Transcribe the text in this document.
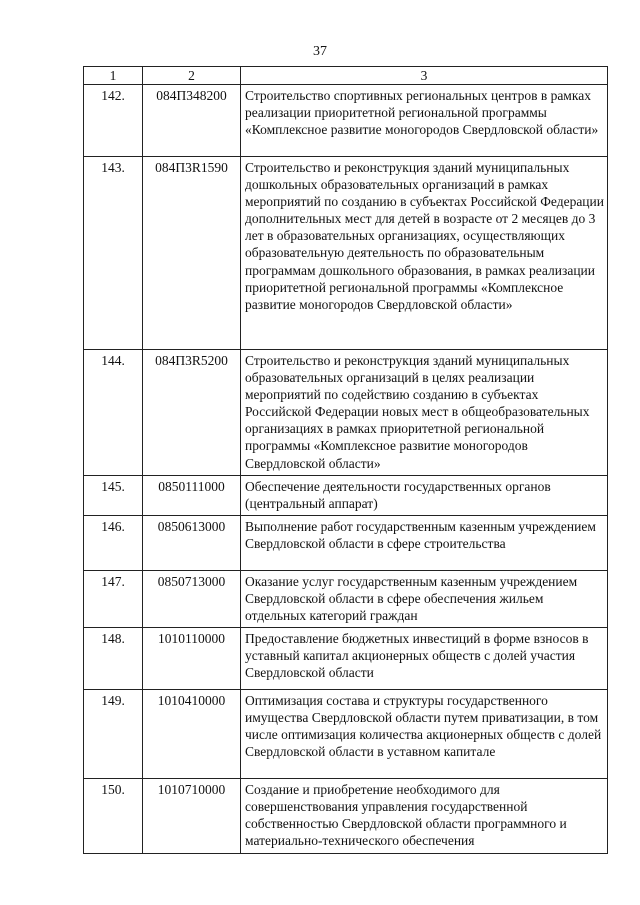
37
1	2	3
142.	084П348200	Строительство спортивных региональных центров в рамках реализации приоритетной региональной программы «Комплексное развитие моногородов Свердловской области»
143.	084П3R1590	Строительство и реконструкция зданий муниципальных дошкольных образовательных организаций в рамках мероприятий по созданию в субъектах Российской Федерации дополнительных мест для детей в возрасте от 2 месяцев до 3 лет в образовательных организациях, осуществляющих образовательную деятельность по образовательным программам дошкольного образования, в рамках реализации приоритетной региональной программы «Комплексное развитие моногородов Свердловской области»
144.	084П3R5200	Строительство и реконструкция зданий муниципальных образовательных организаций в целях реализации мероприятий по содействию созданию в субъектах Российской Федерации новых мест в общеобразовательных организациях в рамках приоритетной региональной программы «Комплексное развитие моногородов Свердловской области»
145.	0850111000	Обеспечение деятельности государственных органов (центральный аппарат)
146.	0850613000	Выполнение работ государственным казенным учреждением Свердловской области в сфере строительства
147.	0850713000	Оказание услуг государственным казенным учреждением Свердловской области в сфере обеспечения жильем отдельных категорий граждан
148.	1010110000	Предоставление бюджетных инвестиций в форме взносов в уставный капитал акционерных обществ с долей участия Свердловской области
149.	1010410000	Оптимизация состава и структуры государственного имущества Свердловской области путем приватизации, в том числе оптимизация количества акционерных обществ с долей Свердловской области в уставном капитале
150.	1010710000	Создание и приобретение необходимого для совершенствования управления государственной собственностью Свердловской области программного и материально-технического обеспечения
